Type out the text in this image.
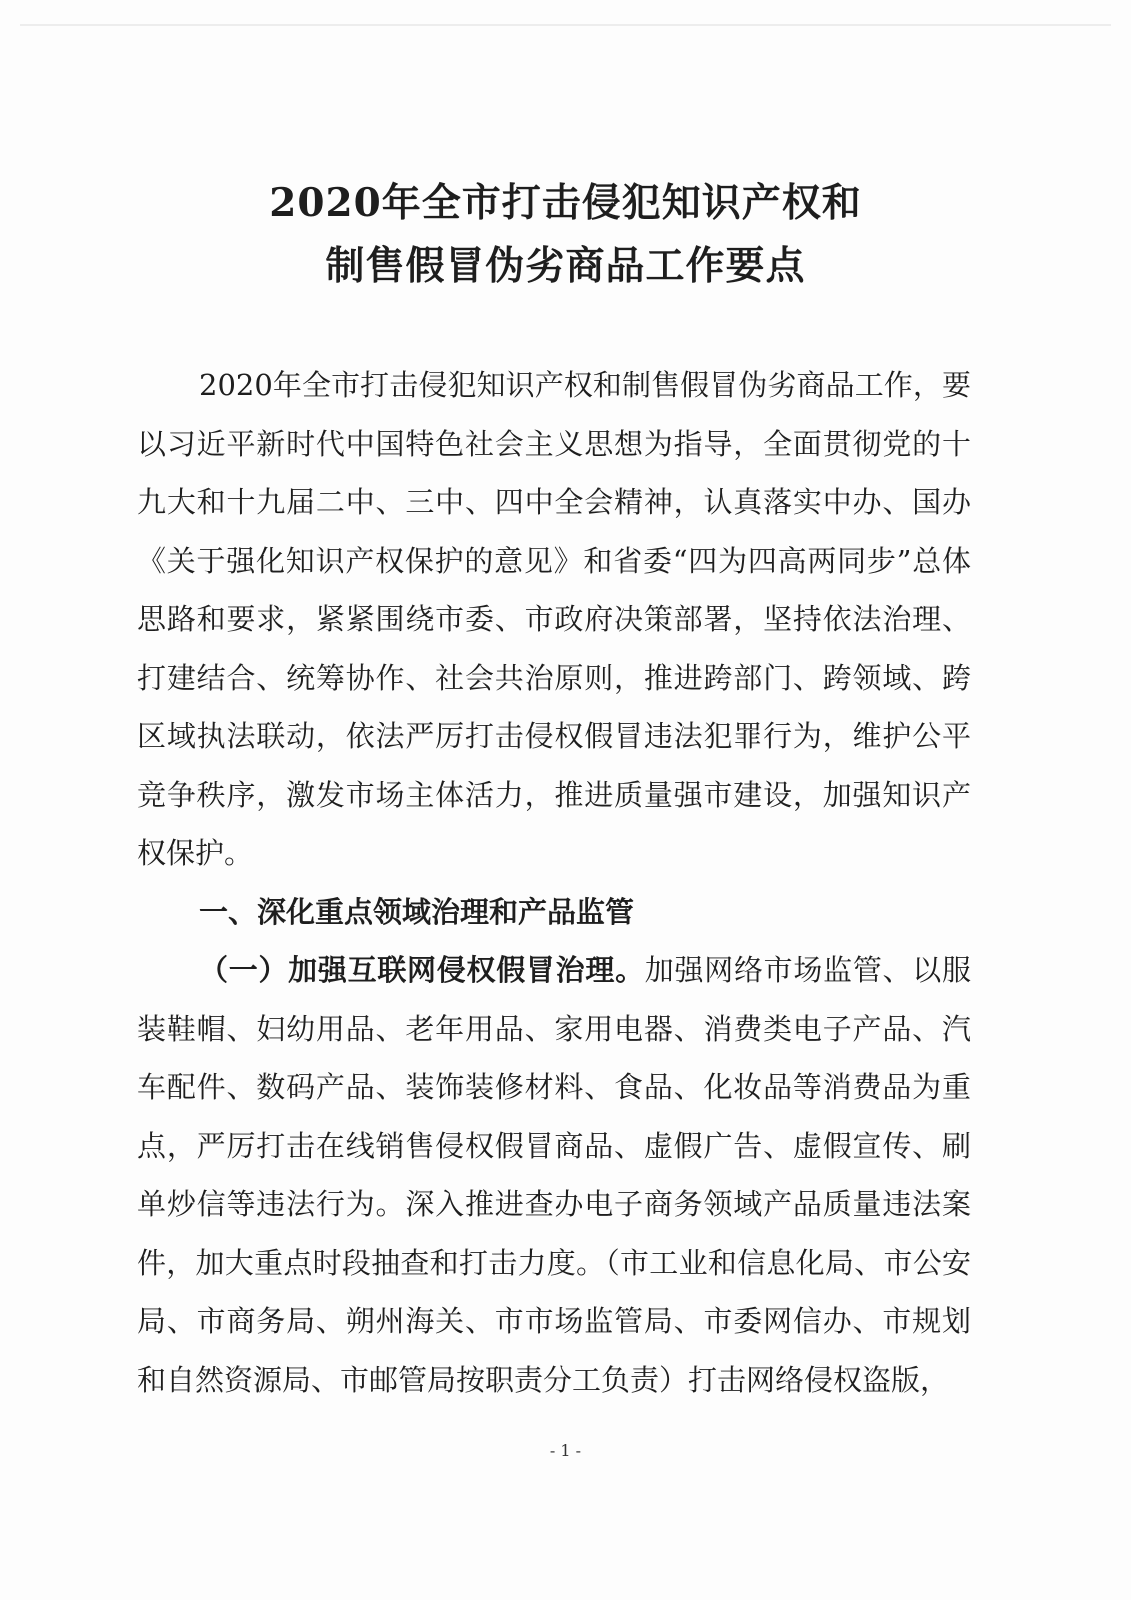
2020年全市打击侵犯知识产权和
制售假冒伪劣商品工作要点

2020年全市打击侵犯知识产权和制售假冒伪劣商品工作，要以习近平新时代中国特色社会主义思想为指导，全面贯彻党的十九大和十九届二中、三中、四中全会精神，认真落实中办、国办《关于强化知识产权保护的意见》和省委“四为四高两同步”总体思路和要求，紧紧围绕市委、市政府决策部署，坚持依法治理、打建结合、统筹协作、社会共治原则，推进跨部门、跨领域、跨区域执法联动，依法严厉打击侵权假冒违法犯罪行为，维护公平竞争秩序，激发市场主体活力，推进质量强市建设，加强知识产权保护。

一、深化重点领域治理和产品监管

（一）加强互联网侵权假冒治理。加强网络市场监管、以服装鞋帽、妇幼用品、老年用品、家用电器、消费类电子产品、汽车配件、数码产品、装饰装修材料、食品、化妆品等消费品为重点，严厉打击在线销售侵权假冒商品、虚假广告、虚假宣传、刷单炒信等违法行为。深入推进查办电子商务领域产品质量违法案件，加大重点时段抽查和打击力度。（市工业和信息化局、市公安局、市商务局、朔州海关、市市场监管局、市委网信办、市规划和自然资源局、市邮管局按职责分工负责）打击网络侵权盗版，

- 1 -
